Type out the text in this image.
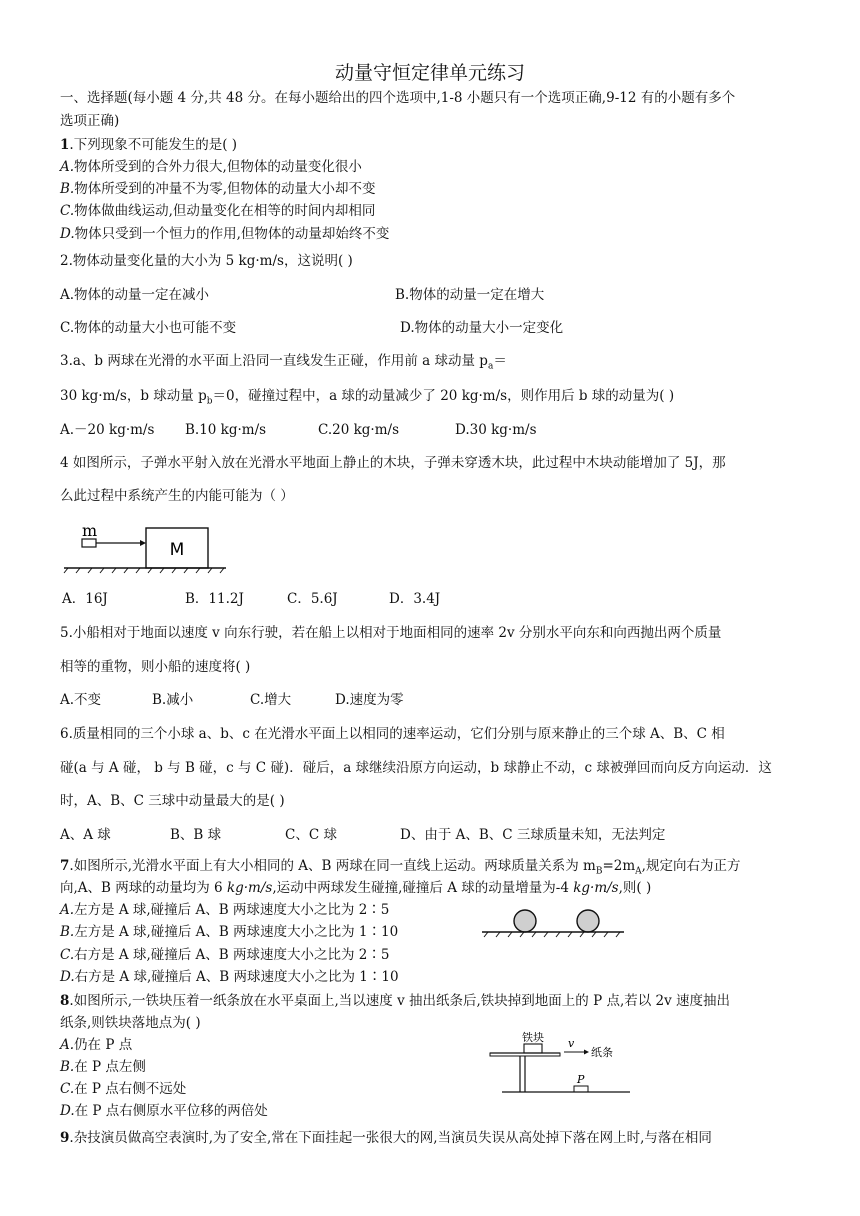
动量守恒定律单元练习
一、选择题(每小题 4 分,共 48 分。在每小题给出的四个选项中,1-8 小题只有一个选项正确,9-12 有的小题有多个
选项正确)
1.下列现象不可能发生的是( )
A.物体所受到的合外力很大,但物体的动量变化很小
B.物体所受到的冲量不为零,但物体的动量大小却不变
C.物体做曲线运动,但动量变化在相等的时间内却相同
D.物体只受到一个恒力的作用,但物体的动量却始终不变
2.物体动量变化量的大小为 5 kg·m/s，这说明( )
A.物体的动量一定在减小	B.物体的动量一定在增大
C.物体的动量大小也可能不变	D.物体的动量大小一定变化
3.a、b 两球在光滑的水平面上沿同一直线发生正碰，作用前 a 球动量 $p_a=$
30 kg·m/s，b 球动量 $p_b=0$，碰撞过程中，a 球的动量减少了 20 kg·m/s，则作用后 b 球的动量为( )
A.－20 kg·m/s B.10 kg·m/s	C.20 kg·m/s	D.30 kg·m/s
4 如图所示，子弹水平射入放在光滑水平地面上静止的木块，子弹未穿透木块，此过程中木块动能增加了 5J，那
么此过程中系统产生的内能可能为（ ）
m
M
A．16J	B．11.2J	C．5.6J	D．3.4J
5.小船相对于地面以速度 v 向东行驶，若在船上以相对于地面相同的速率 2v 分别水平向东和向西抛出两个质量
相等的重物，则小船的速度将( )
A.不变	B.减小	C.增大	D.速度为零
6.质量相同的三个小球 a、b、c 在光滑水平面上以相同的速率运动，它们分别与原来静止的三个球 A、B、C 相
碰(a 与 A 碰， b 与 B 碰，c 与 C 碰)．碰后，a 球继续沿原方向运动，b 球静止不动，c 球被弹回而向反方向运动．这
时，A、B、C 三球中动量最大的是( )
A、A 球	B、B 球	C、C 球	D、由于 A、B、C 三球质量未知，无法判定
7.如图所示,光滑水平面上有大小相同的 A、B 两球在同一直线上运动。两球质量关系为 $m_B=2m_A$,规定向右为正方
向,A、B 两球的动量均为 6 kg·m/s,运动中两球发生碰撞,碰撞后 A 球的动量增量为-4 kg·m/s,则( )
A.左方是 A 球,碰撞后 A、B 两球速度大小之比为 2∶5
B.左方是 A 球,碰撞后 A、B 两球速度大小之比为 1∶10
C.右方是 A 球,碰撞后 A、B 两球速度大小之比为 2∶5
D.右方是 A 球,碰撞后 A、B 两球速度大小之比为 1∶10
8.如图所示,一铁块压着一纸条放在水平桌面上,当以速度 v 抽出纸条后,铁块掉到地面上的 P 点,若以 2v 速度抽出
纸条,则铁块落地点为( )
A.仍在 P 点
B.在 P 点左侧
C.在 P 点右侧不远处
D.在 P 点右侧原水平位移的两倍处
铁块 v
纸条
P
9.杂技演员做高空表演时,为了安全,常在下面挂起一张很大的网,当演员失误从高处掉下落在网上时,与落在相同
